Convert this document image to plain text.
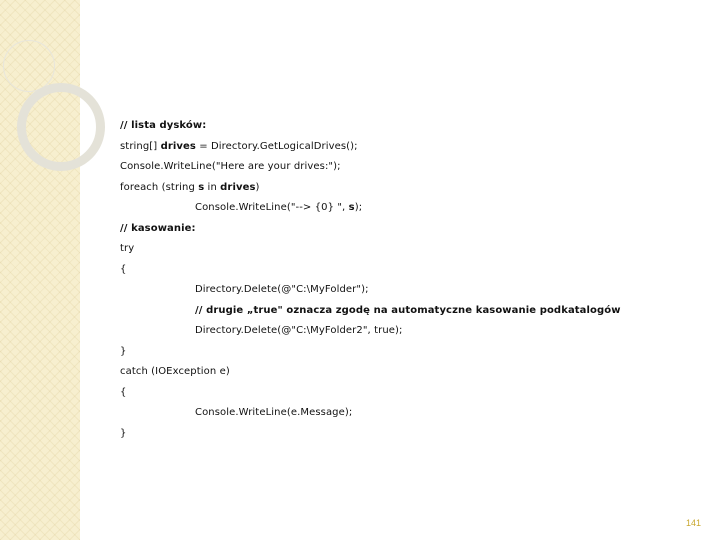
// lista dysków:
string[] drives = Directory.GetLogicalDrives();
Console.WriteLine("Here are your drives:");
foreach (string s in drives)
Console.WriteLine("--> {0} ", s);
// kasowanie:
try
{
Directory.Delete(@"C:\MyFolder");
// drugie „true" oznacza zgodę na automatyczne kasowanie podkatalogów
Directory.Delete(@"C:\MyFolder2", true);
}
catch (IOException e)
{
Console.WriteLine(e.Message);
}
141
